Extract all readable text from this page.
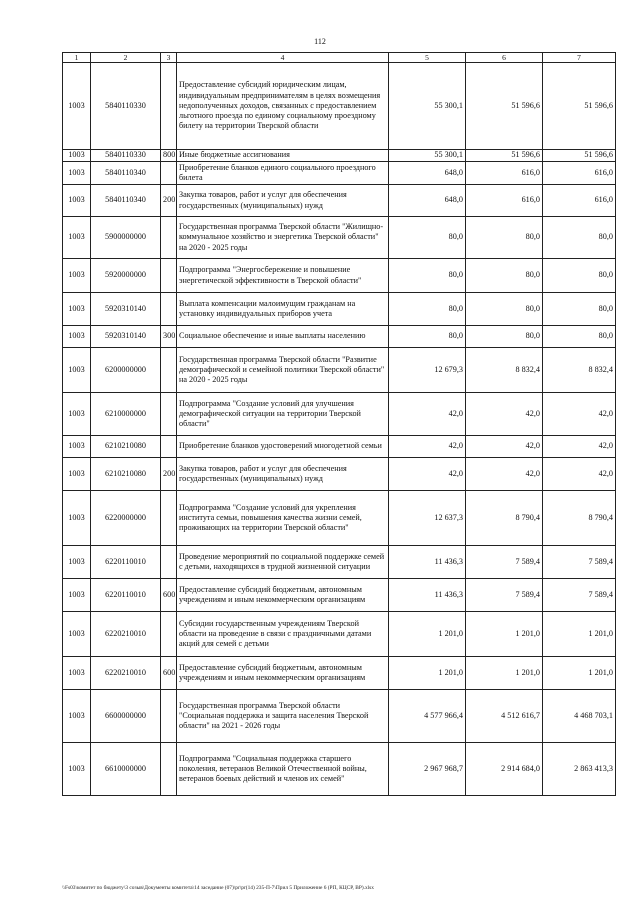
112
1	2	3	4	5	6	7
1003	5840110330		Предоставление субсидий юридическим лицам, индивидуальным предпринимателям в целях возмещения недополученных доходов, связанных с предоставлением льготного проезда по единому социальному проездному билету на территории Тверской области	55 300,1	51 596,6	51 596,6
1003	5840110330	800	Иные бюджетные ассигнования	55 300,1	51 596,6	51 596,6
1003	5840110340		Приобретение бланков единого социального проездного билета	648,0	616,0	616,0
1003	5840110340	200	Закупка товаров, работ и услуг для обеспечения государственных (муниципальных) нужд	648,0	616,0	616,0
1003	5900000000		Государственная программа Тверской области "Жилищно-коммунальное хозяйство и энергетика Тверской области" на 2020 - 2025 годы	80,0	80,0	80,0
1003	5920000000		Подпрограмма "Энергосбережение и повышение энергетической эффективности в Тверской области"	80,0	80,0	80,0
1003	5920310140		Выплата компенсации малоимущим гражданам на установку индивидуальных приборов учета	80,0	80,0	80,0
1003	5920310140	300	Социальное обеспечение и иные выплаты населению	80,0	80,0	80,0
1003	6200000000		Государственная программа Тверской области "Развитие демографической и семейной политики Тверской области" на 2020 - 2025 годы	12 679,3	8 832,4	8 832,4
1003	6210000000		Подпрограмма "Создание условий для улучшения демографической ситуации на территории Тверской области"	42,0	42,0	42,0
1003	6210210080		Приобретение бланков удостоверений многодетной семьи	42,0	42,0	42,0
1003	6210210080	200	Закупка товаров, работ и услуг для обеспечения государственных (муниципальных) нужд	42,0	42,0	42,0
1003	6220000000		Подпрограмма "Создание условий для укрепления института семьи, повышения качества жизни семей, проживающих на территории Тверской области"	12 637,3	8 790,4	8 790,4
1003	6220110010		Проведение мероприятий по социальной поддержке семей с детьми, находящихся в трудной жизненной ситуации	11 436,3	7 589,4	7 589,4
1003	6220110010	600	Предоставление субсидий бюджетным, автономным учреждениям и иным некоммерческим организациям	11 436,3	7 589,4	7 589,4
1003	6220210010		Субсидии государственным учреждениям Тверской области на проведение в связи с праздничными датами акций для семей с детьми	1 201,0	1 201,0	1 201,0
1003	6220210010	600	Предоставление субсидий бюджетным, автономным учреждениям и иным некоммерческим организациям	1 201,0	1 201,0	1 201,0
1003	6600000000		Государственная программа Тверской области "Социальная поддержка и защита населения Тверской области" на 2021 - 2026 годы	4 577 966,4	4 512 616,7	4 468 703,1
1003	6610000000		Подпрограмма "Социальная поддержка старшего поколения, ветеранов Великой Отечественной войны, ветеранов боевых действий и членов их семей"	2 967 968,7	2 914 684,0	2 863 413,3
\\Fs03\комитет по бюджету\3 созыв\Документы комитета\14 заседание (07)\pr\pr(14) 235-П-7\Прил 5 Приложение 6 (РП, КЦСР, ВР).xlsx
